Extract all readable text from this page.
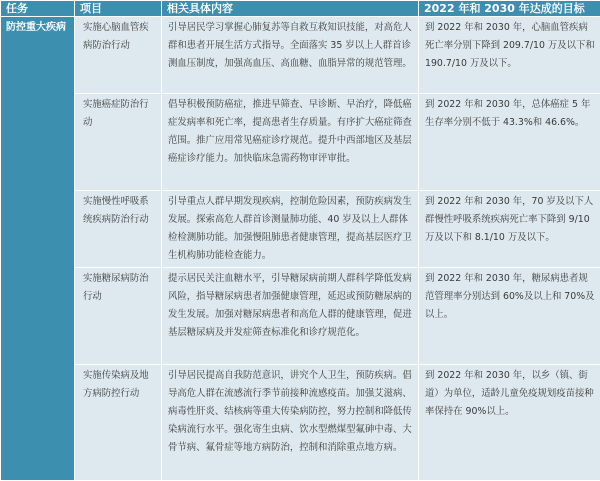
任务	项目	相关具体内容	2022 年和 2030 年达成的目标
防控重大疾病	实施心脑血管疾病防治行动	引导居民学习掌握心肺复苏等自救互救知识技能，对高危人群和患者开展生活方式指导。全面落实 35 岁以上人群首诊测血压制度，加强高血压、高血糖、血脂异常的规范管理。	到 2022 年和 2030 年，心脑血管疾病死亡率分别下降到 209.7/10 万及以下和 190.7/10 万及以下。
	实施癌症防治行动	倡导积极预防癌症，推进早筛查、早诊断、早治疗，降低癌症发病率和死亡率，提高患者生存质量。有序扩大癌症筛查范围。推广应用常见癌症诊疗规范。提升中西部地区及基层癌症诊疗能力。加快临床急需药物审评审批。	到 2022 年和 2030 年，总体癌症 5 年生存率分别不低于 43.3%和 46.6%。
	实施慢性呼吸系统疾病防治行动	引导重点人群早期发现疾病，控制危险因素，预防疾病发生发展。探索高危人群首诊测量肺功能、40 岁及以上人群体检检测肺功能。加强慢阻肺患者健康管理，提高基层医疗卫生机构肺功能检查能力。	到 2022 年和 2030 年，70 岁及以下人群慢性呼吸系统疾病死亡率下降到 9/10 万及以下和 8.1/10 万及以下。
	实施糖尿病防治行动	提示居民关注血糖水平，引导糖尿病前期人群科学降低发病风险，指导糖尿病患者加强健康管理，延迟或预防糖尿病的发生发展。加强对糖尿病患者和高危人群的健康管理，促进基层糖尿病及并发症筛查标准化和诊疗规范化。	到 2022 年和 2030 年，糖尿病患者规范管理率分别达到 60%及以上和 70%及以上。
	实施传染病及地方病防控行动	引导居民提高自我防范意识，讲究个人卫生，预防疾病。倡导高危人群在流感流行季节前接种流感疫苗。加强艾滋病、病毒性肝炎、结核病等重大传染病防控，努力控制和降低传染病流行水平。强化寄生虫病、饮水型燃煤型氟砷中毒、大骨节病、氟骨症等地方病防治，控制和消除重点地方病。	到 2022 年和 2030 年，以乡（镇、街道）为单位，适龄儿童免疫规划疫苗接种率保持在 90%以上。
